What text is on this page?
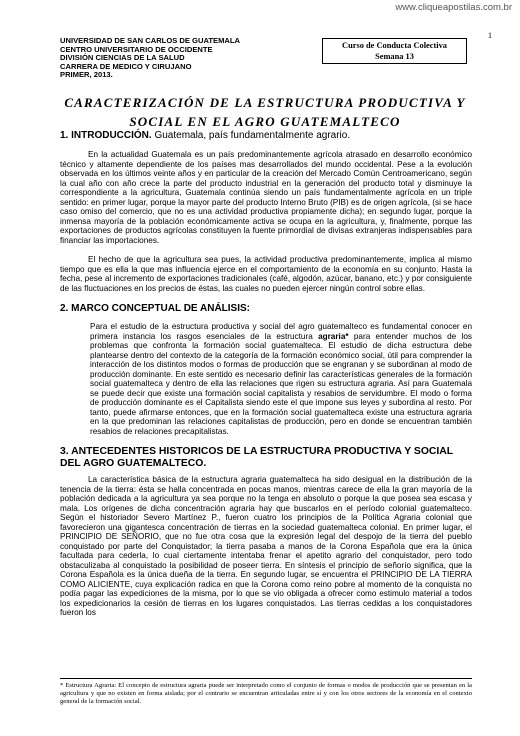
www.cliqueapostilas.com.br
1
UNIVERSIDAD DE SAN CARLOS DE GUATEMALA
CENTRO UNIVERSITARIO DE OCCIDENTE
DIVISIÓN CIENCIAS DE LA SALUD
CARRERA DE MEDICO Y CIRUJANO
PRIMER, 2013.
Curso de Conducta Colectiva
Semana 13
CARACTERIZACIÓN DE LA ESTRUCTURA PRODUCTIVA Y
SOCIAL EN EL AGRO GUATEMALTECO
1. INTRODUCCIÓN. Guatemala, país fundamentalmente agrario.

En la actualidad Guatemala es un país predominantemente agrícola atrasado en desarrollo económico técnico y altamente dependiente de los países mas desarrollados del mundo occidental. Pese a la evolución observada en los últimos veinte años y en particular de la creación del Mercado Común Centroamericano, según la cual año con año crece la parte del producto industrial en la generación del producto total y disminuye la correspondiente a la agricultura, Guatemala continúa siendo un país fundamentalmente agrícola en un triple sentido: en primer lugar, porque la mayor parte del producto Interno Bruto (PIB) es de origen agrícola, (si se hace caso omiso del comercio, que no es una actividad productiva propiamente dicha); en segundo lugar, porque la inmensa mayoría de la población económicamente activa se ocupa en la agricultura, y, finalmente, porque las exportaciones de productos agrícolas constituyen la fuente primordial de divisas extranjeras indispensables para financiar las importaciones.

El hecho de que la agricultura sea pues, la actividad productiva predominantemente, implica al mismo tiempo que es ella la que mas influencia ejerce en el comportamiento de la economía en su conjunto. Hasta la fecha, pese al incremento de exportaciones tradicionales (café, algodón, azúcar, banano, etc.) y por consiguiente de las fluctuaciones en los precios de éstas, las cuales no pueden ejercer ningún control sobre ellas.

2. MARCO CONCEPTUAL DE ANÁLISIS:

Para el estudio de la estructura productiva y social del agro guatemalteco es fundamental conocer en primera instancia los rasgos esenciales de la estructura agraria* para entender muchos de los problemas que confronta la formación social guatemalteca. El estudio de dicha estructura debe plantearse dentro del contexto de la categoría de la formación económico social, útil para comprender la interacción de los distintos modos o formas de producción que se engranan y se subordinan al modo de producción dominante. En este sentido es necesario definir las características generales de la formación social guatemalteca y dentro de ella las relaciones que rigen su estructura agraria. Así para Guatemala se puede decir que existe una formación social capitalista y resabios de servidumbre. El modo o forma de producción dominante es el Capitalista siendo este el que impone sus leyes y subordina al resto. Por tanto, puede afirmarse entonces, que en la formación social guatemalteca existe una estructura agraria en la que predominan las relaciones capitalistas de producción, pero en donde se encuentran también resabios de relaciones precapitalistas.

3. ANTECEDENTES HISTORICOS DE LA ESTRUCTURA PRODUCTIVA Y SOCIAL DEL AGRO GUATEMALTECO.

La característica básica de la estructura agraria guatemalteca ha sido desigual en la distribución de la tenencia de la tierra: ésta se halla concentrada en pocas manos, mientras carece de ella la gran mayoría de la población dedicada a la agricultura ya sea porque no la tenga en absoluto o porque la que posea sea escasa y mala. Los orígenes de dicha concentración agraria hay que buscarlos en el período colonial guatemalteco. Según el historiador Severo Martínez P., fueron cuatro los principios de la Política Agraria colonial que favorecieron una gigantesca concentración de tierras en la sociedad guatemalteca colonial. En primer lugar, el PRINCIPIO DE SEÑORIO, que no fue otra cosa que la expresión legal del despojo de la tierra del pueblo conquistado por parte del Conquistador; la tierra pasaba a manos de la Corona Española que era la única facultada para cederla, lo cual ciertamente intentaba frenar el apetito agrario del conquistador, pero todo obstaculizaba al conquistado la posibilidad de poseer tierra. En síntesis el principio de señorío significa, que la Corona Española es la única dueña de la tierra. En segundo lugar, se encuentra el PRINCIPIO DE LA TIERRA COMO ALICIENTE, cuya explicación radica en que la Corona como reino pobre al momento de la conquista no podía pagar las expediciones de la misma, por lo que se vio obligada a ofrecer como estimulo material a todos los expedicionarios la cesión de tierras en los lugares conquistados. Las tierras cedidas a los conquistadores fueron los

* Estructura Agraria: El concepto de estructura agraria puede ser interpretado como el conjunto de formas o modos de producción que se presentan en la agricultura y que no existen en forma aislada; por el contrario se encuentran articuladas entre sí y con los otros sectores de la economía en el contexto general de la formación social.
